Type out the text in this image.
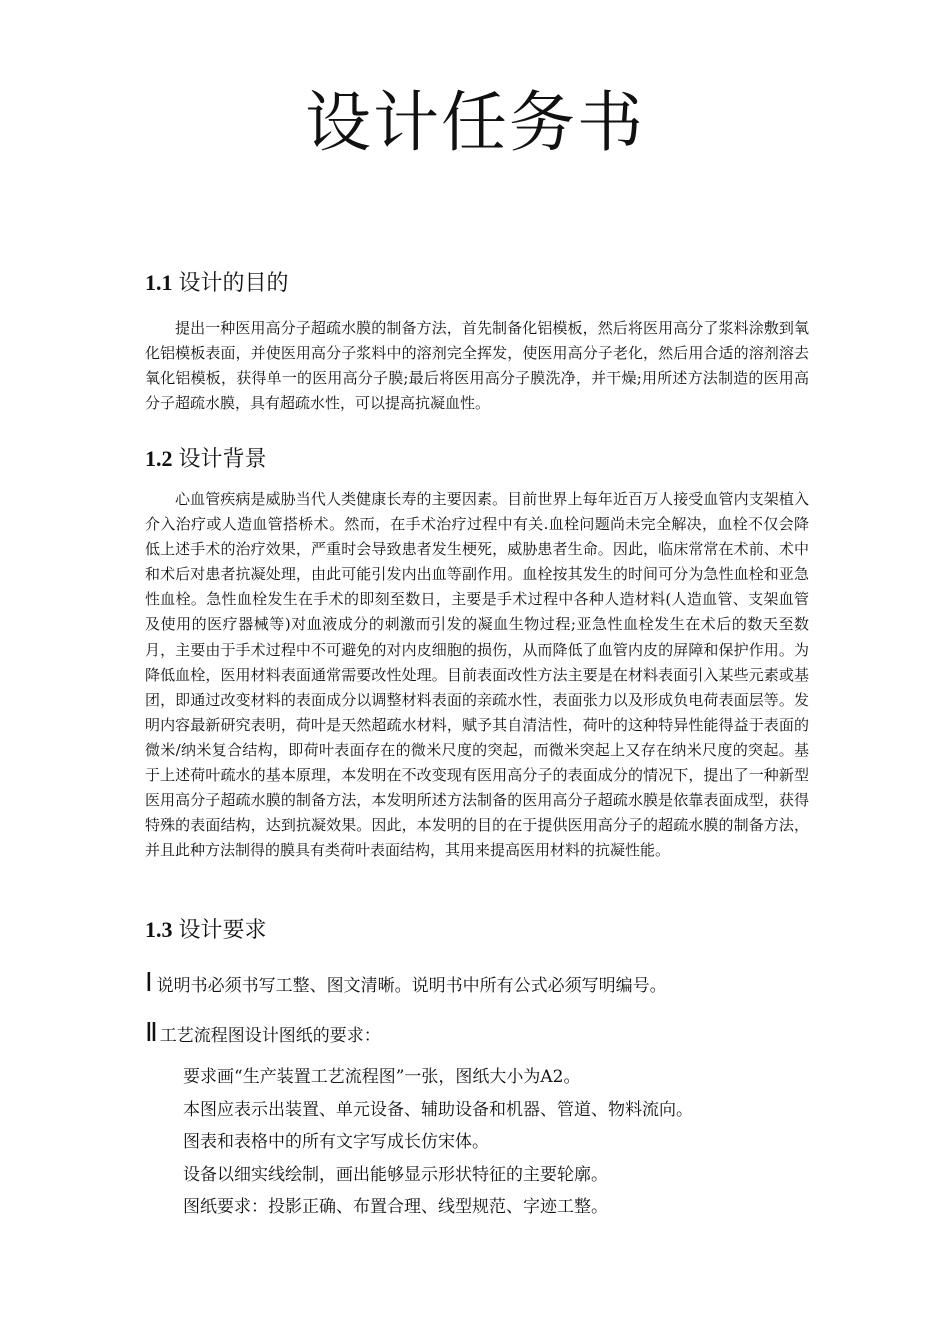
设计任务书
1.1 设计的目的

提出一种医用高分子超疏水膜的制备方法，首先制备化铝模板，然后将医用高分了浆料涂敷到氧化铝模板表面，并使医用高分子浆料中的溶剂完全挥发，使医用高分子老化，然后用合适的溶剂溶去氧化铝模板，获得单一的医用高分子膜;最后将医用高分子膜洗净，并干燥;用所述方法制造的医用高分子超疏水膜，具有超疏水性，可以提高抗凝血性。

1.2 设计背景

心血管疾病是威胁当代人类健康长寿的主要因素。目前世界上每年近百万人接受血管内支架植入介入治疗或人造血管搭桥术。然而，在手术治疗过程中有关.血栓问题尚未完全解决，血栓不仅会降低上述手术的治疗效果，严重时会导致患者发生梗死，威胁患者生命。因此，临床常常在术前、术中和术后对患者抗凝处理，由此可能引发内出血等副作用。血栓按其发生的时间可分为急性血栓和亚急性血栓。急性血栓发生在手术的即刻至数日，主要是手术过程中各种人造材料(人造血管、支架血管及使用的医疗器械等)对血液成分的刺激而引发的凝血生物过程;亚急性血栓发生在术后的数天至数月，主要由于手术过程中不可避免的对内皮细胞的损伤，从而降低了血管内皮的屏障和保护作用。为降低血栓，医用材料表面通常需要改性处理。目前表面改性方法主要是在材料表面引入某些元素或基团，即通过改变材料的表面成分以调整材料表面的亲疏水性，表面张力以及形成负电荷表面层等。发明内容最新研究表明，荷叶是天然超疏水材料，赋予其自清洁性，荷叶的这种特异性能得益于表面的微米/纳米复合结构，即荷叶表面存在的微米尺度的突起，而微米突起上又存在纳米尺度的突起。基于上述荷叶疏水的基本原理，本发明在不改变现有医用高分子的表面成分的情况下，提出了一种新型医用高分子超疏水膜的制备方法，本发明所述方法制备的医用高分子超疏水膜是依靠表面成型，获得特殊的表面结构，达到抗凝效果。因此，本发明的目的在于提供医用高分子的超疏水膜的制备方法，并且此种方法制得的膜具有类荷叶表面结构，其用来提高医用材料的抗凝性能。

1.3 设计要求
Ⅰ 说明书必须书写工整、图文清晰。说明书中所有公式必须写明编号。
Ⅱ 工艺流程图设计图纸的要求：
要求画“生产装置工艺流程图”一张，图纸大小为A2。
本图应表示出装置、单元设备、辅助设备和机器、管道、物料流向。
图表和表格中的所有文字写成长仿宋体。
设备以细实线绘制，画出能够显示形状特征的主要轮廓。
图纸要求：投影正确、布置合理、线型规范、字迹工整。
